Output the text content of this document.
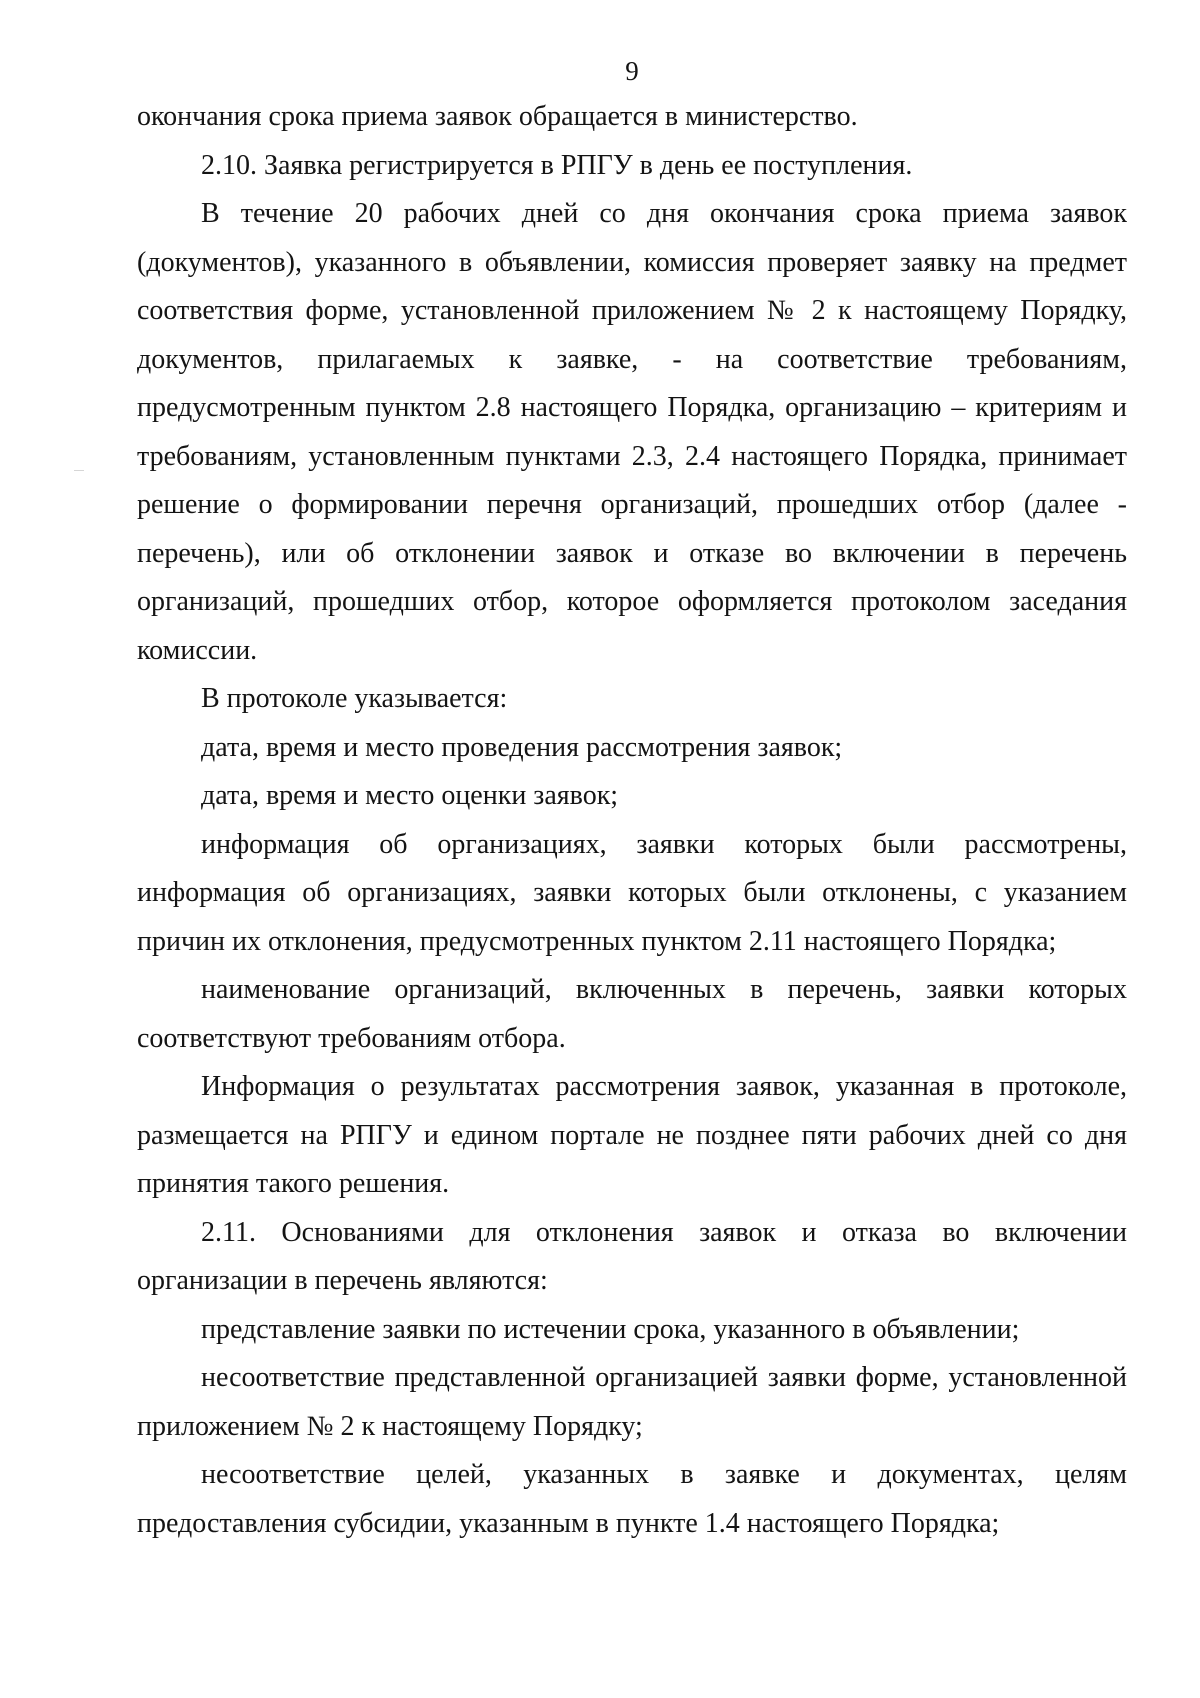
9

окончания срока приема заявок обращается в министерство.

2.10. Заявка регистрируется в РПГУ в день ее поступления.

В течение 20 рабочих дней со дня окончания срока приема заявок (документов), указанного в объявлении, комиссия проверяет заявку на предмет соответствия форме, установленной приложением № 2 к настоящему Порядку, документов, прилагаемых к заявке, - на соответствие требованиям, предусмотренным пунктом 2.8 настоящего Порядка, организацию – критериям и требованиям, установленным пунктами 2.3, 2.4 настоящего Порядка, принимает решение о формировании перечня организаций, прошедших отбор (далее - перечень), или об отклонении заявок и отказе во включении в перечень организаций, прошедших отбор, которое оформляется протоколом заседания комиссии.

В протоколе указывается:

дата, время и место проведения рассмотрения заявок;

дата, время и место оценки заявок;

информация об организациях, заявки которых были рассмотрены, информация об организациях, заявки которых были отклонены, с указанием причин их отклонения, предусмотренных пунктом 2.11 настоящего Порядка;

наименование организаций, включенных в перечень, заявки которых соответствуют требованиям отбора.

Информация о результатах рассмотрения заявок, указанная в протоколе, размещается на РПГУ и едином портале не позднее пяти рабочих дней со дня принятия такого решения.

2.11. Основаниями для отклонения заявок и отказа во включении организации в перечень являются:

представление заявки по истечении срока, указанного в объявлении;

несоответствие представленной организацией заявки форме, установленной приложением № 2 к настоящему Порядку;

несоответствие целей, указанных в заявке и документах, целям предоставления субсидии, указанным в пункте 1.4 настоящего Порядка;
